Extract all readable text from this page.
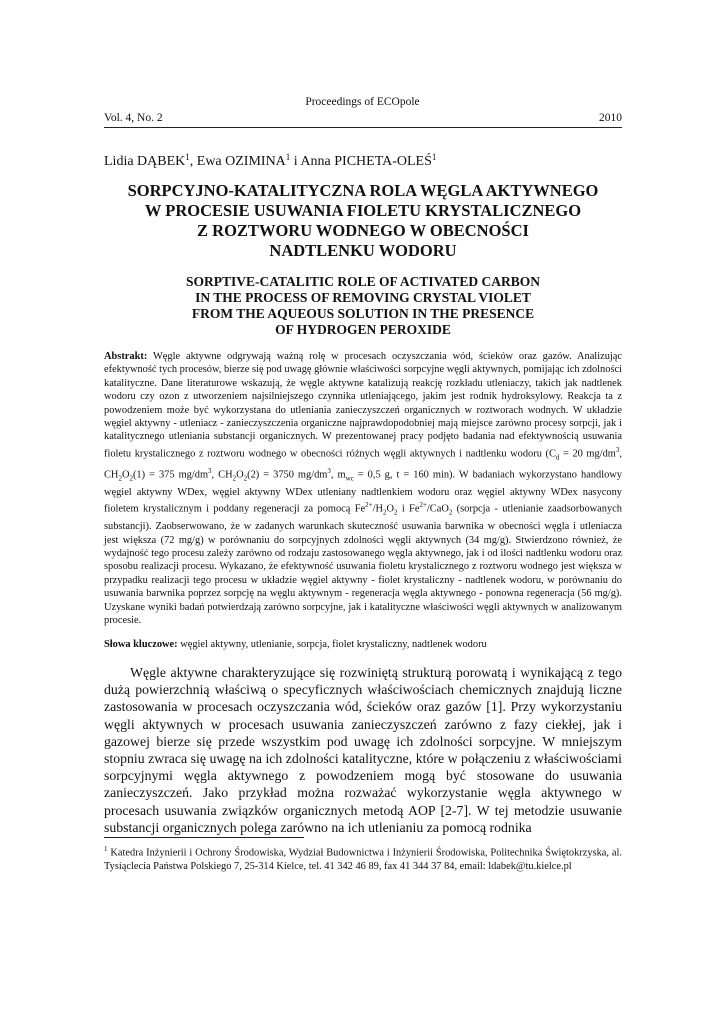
Proceedings of ECOpole
Vol. 4, No. 2	2010
Lidia DĄBEK$^1$, Ewa OZIMINA$^1$ i Anna PICHETA-OLEŚ$^1$
SORPCYJNO-KATALITYCZNA ROLA WĘGLA AKTYWNEGO
W PROCESIE USUWANIA FIOLETU KRYSTALICZNEGO
Z ROZTWORU WODNEGO W OBECNOŚCI
NADTLENKU WODORU
SORPTIVE-CATALITIC ROLE OF ACTIVATED CARBON
IN THE PROCESS OF REMOVING CRYSTAL VIOLET
FROM THE AQUEOUS SOLUTION IN THE PRESENCE
OF HYDROGEN PEROXIDE
Abstrakt: Węgle aktywne odgrywają ważną rolę w procesach oczyszczania wód, ścieków oraz gazów. Analizując efektywność tych procesów, bierze się pod uwagę głównie właściwości sorpcyjne węgli aktywnych, pomijając ich zdolności katalityczne. Dane literaturowe wskazują, że węgle aktywne katalizują reakcję rozkładu utleniaczy, takich jak nadtlenek wodoru czy ozon z utworzeniem najsilniejszego czynnika utleniającego, jakim jest rodnik hydroksylowy. Reakcja ta z powodzeniem może być wykorzystana do utleniania zanieczyszczeń organicznych w roztworach wodnych. W układzie węgiel aktywny - utleniacz - zanieczyszczenia organiczne najprawdopodobniej mają miejsce zarówno procesy sorpcji, jak i katalitycznego utleniania substancji organicznych. W prezentowanej pracy podjęto badania nad efektywnością usuwania fioletu krystalicznego z roztworu wodnego w obecności różnych węgli aktywnych i nadtlenku wodoru ($C_d = 20$ $mg/dm^3$, $CH_2O_2(1) = 375$ $mg/dm^3$, $CH_2O_2(2) = 3750$ $mg/dm^3$, $m_{wc} = 0,5$ g, t = 160 min). W badaniach wykorzystano handlowy węgiel aktywny WDex, węgiel aktywny WDex utleniany nadtlenkiem wodoru oraz węgiel aktywny WDex nasycony fioletem krystalicznym i poddany regeneracji za pomocą $Fe^{2+}/H_2O_2$ i $Fe^{2+}/CaO_2$ (sorpcja - utlenianie zaadsorbowanych substancji). Zaobserwowano, że w zadanych warunkach skuteczność usuwania barwnika w obecności węgla i utleniacza jest większa (72 mg/g) w porównaniu do sorpcyjnych zdolności węgli aktywnych (34 mg/g). Stwierdzono również, że wydajność tego procesu zależy zarówno od rodzaju zastosowanego węgla aktywnego, jak i od ilości nadtlenku wodoru oraz sposobu realizacji procesu. Wykazano, że efektywność usuwania fioletu krystalicznego z roztworu wodnego jest większa w przypadku realizacji tego procesu w układzie węgiel aktywny - fiolet krystaliczny - nadtlenek wodoru, w porównaniu do usuwania barwnika poprzez sorpcję na węglu aktywnym - regeneracja węgla aktywnego - ponowna regeneracja (56 mg/g). Uzyskane wyniki badań potwierdzają zarówno sorpcyjne, jak i katalityczne właściwości węgli aktywnych w analizowanym procesie.
Słowa kluczowe: węgiel aktywny, utlenianie, sorpcja, fiolet krystaliczny, nadtlenek wodoru
Węgle aktywne charakteryzujące się rozwiniętą strukturą porowatą i wynikającą z tego dużą powierzchnią właściwą o specyficznych właściwościach chemicznych znajdują liczne zastosowania w procesach oczyszczania wód, ścieków oraz gazów [1]. Przy wykorzystaniu węgli aktywnych w procesach usuwania zanieczyszczeń zarówno z fazy ciekłej, jak i gazowej bierze się przede wszystkim pod uwagę ich zdolności sorpcyjne. W mniejszym stopniu zwraca się uwagę na ich zdolności katalityczne, które w połączeniu z właściwościami sorpcyjnymi węgla aktywnego z powodzeniem mogą być stosowane do usuwania zanieczyszczeń. Jako przykład można rozważać wykorzystanie węgla aktywnego w procesach usuwania związków organicznych metodą AOP [2-7]. W tej metodzie usuwanie substancji organicznych polega zarówno na ich utlenianiu za pomocą rodnika
$^1$ Katedra Inżynierii i Ochrony Środowiska, Wydział Budownictwa i Inżynierii Środowiska, Politechnika Świętokrzyska, al. Tysiąclecia Państwa Polskiego 7, 25-314 Kielce, tel. 41 342 46 89, fax 41 344 37 84, email: ldabek@tu.kielce.pl
